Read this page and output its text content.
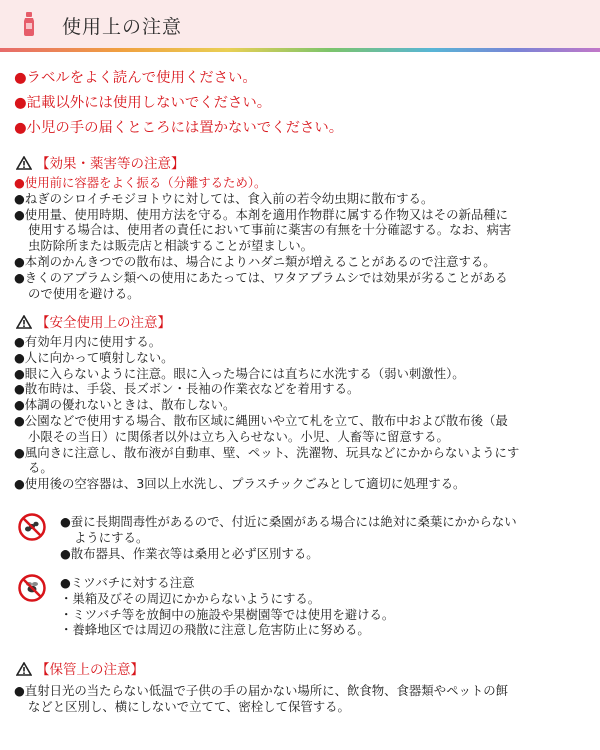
使用上の注意
●ラベルをよく読んで使用ください。
●記載以外には使用しないでください。
●小児の手の届くところには置かないでください。
【効果・薬害等の注意】
●使用前に容器をよく振る（分離するため）。
●ねぎのシロイチモジヨトウに対しては、食入前の若令幼虫期に散布する。
●使用量、使用時期、使用方法を守る。本剤を適用作物群に属する作物又はその新品種に
使用する場合は、使用者の責任において事前に薬害の有無を十分確認する。なお、病害
虫防除所または販売店と相談することが望ましい。
●本剤のかんきつでの散布は、場合によりハダニ類が増えることがあるので注意する。
●きくのアブラムシ類への使用にあたっては、ワタアブラムシでは効果が劣ることがある
ので使用を避ける。
【安全使用上の注意】
●有効年月内に使用する。
●人に向かって噴射しない。
●眼に入らないように注意。眼に入った場合には直ちに水洗する（弱い刺激性）。
●散布時は、手袋、長ズボン・長袖の作業衣などを着用する。
●体調の優れないときは、散布しない。
●公園などで使用する場合、散布区域に縄囲いや立て札を立て、散布中および散布後（最
小限その当日）に関係者以外は立ち入らせない。小児、人畜等に留意する。
●風向きに注意し、散布液が自動車、壁、ペット、洗濯物、玩具などにかからないようにす
る。
●使用後の空容器は、3回以上水洗し、プラスチックごみとして適切に処理する。
●蚕に長期間毒性があるので、付近に桑園がある場合には絶対に桑葉にかからない
ようにする。
●散布器具、作業衣等は桑用と必ず区別する。
●ミツバチに対する注意
・巣箱及びその周辺にかからないようにする。
・ミツバチ等を放飼中の施設や果樹園等では使用を避ける。
・養蜂地区では周辺の飛散に注意し危害防止に努める。
【保管上の注意】
●直射日光の当たらない低温で子供の手の届かない場所に、飲食物、食器類やペットの餌
などと区別し、横にしないで立てて、密栓して保管する。
